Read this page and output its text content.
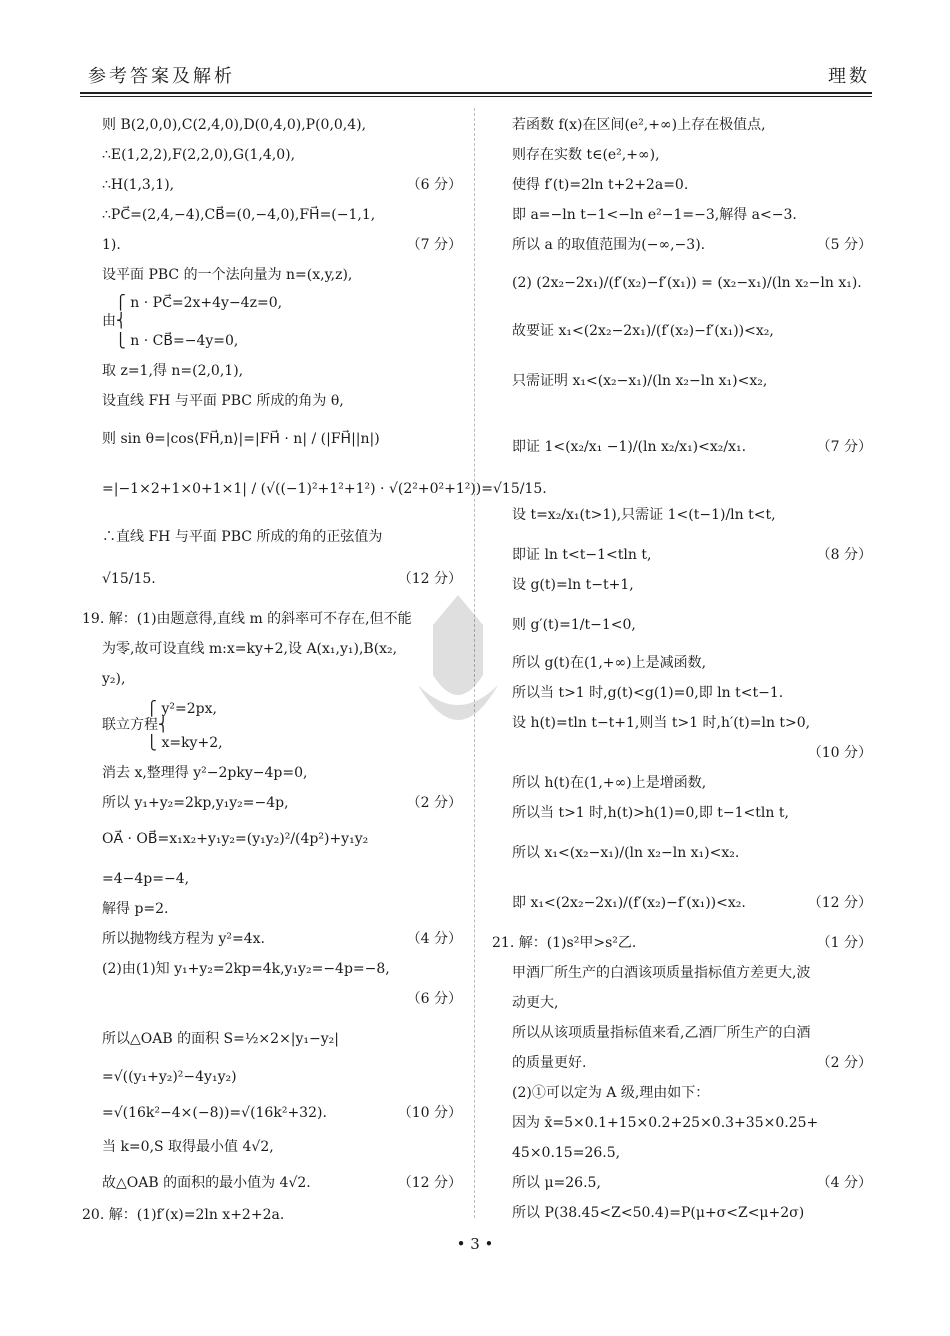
参考答案及解析	理数
则 B(2,0,0),C(2,4,0),D(0,4,0),P(0,0,4),
∴E(1,2,2),F(2,2,0),G(1,4,0),
∴H(1,3,1),	（6 分）
∴PC⃗=(2,4,−4),CB⃗=(0,−4,0),FH⃗=(−1,1,
1).	（7 分）
设平面 PBC 的一个法向量为 n=(x,y,z),
⎧ n · PC⃗=2x+4y−4z=0,
由⎨
⎩ n · CB⃗=−4y=0,
取 z=1,得 n=(2,0,1),
设直线 FH 与平面 PBC 所成的角为 θ,
则 sin θ=|cos⟨FH⃗,n⟩|=|FH⃗ · n| / (|FH⃗||n|)
=|−1×2+1×0+1×1| / (√((−1)²+1²+1²) · √(2²+0²+1²))=√15/15.
∴直线 FH 与平面 PBC 所成的角的正弦值为
√15/15.	（12 分）
19. 解：(1)由题意得,直线 m 的斜率可不存在,但不能
为零,故可设直线 m:x=ky+2,设 A(x₁,y₁),B(x₂,
y₂),
⎧ y²=2px,
联立方程⎨
⎩ x=ky+2,
消去 x,整理得 y²−2pky−4p=0,
所以 y₁+y₂=2kp,y₁y₂=−4p,	（2 分）
OA⃗ · OB⃗=x₁x₂+y₁y₂=(y₁y₂)²/(4p²)+y₁y₂
=4−4p=−4,
解得 p=2.
所以抛物线方程为 y²=4x.	（4 分）
(2)由(1)知 y₁+y₂=2kp=4k,y₁y₂=−4p=−8,
（6 分）
所以△OAB 的面积 S=½×2×|y₁−y₂|
=√((y₁+y₂)²−4y₁y₂)
=√(16k²−4×(−8))=√(16k²+32).	（10 分）
当 k=0,S 取得最小值 4√2,
故△OAB 的面积的最小值为 4√2.	（12 分）
20. 解：(1)f′(x)=2ln x+2+2a.
若函数 f(x)在区间(e²,+∞)上存在极值点,
则存在实数 t∈(e²,+∞),
使得 f′(t)=2ln t+2+2a=0.
即 a=−ln t−1<−ln e²−1=−3,解得 a<−3.
所以 a 的取值范围为(−∞,−3).	（5 分）
(2) (2x₂−2x₁)/(f′(x₂)−f′(x₁)) = (x₂−x₁)/(ln x₂−ln x₁).
故要证 x₁<(2x₂−2x₁)/(f′(x₂)−f′(x₁))<x₂,
只需证明 x₁<(x₂−x₁)/(ln x₂−ln x₁)<x₂,
即证 1<(x₂/x₁ −1)/(ln x₂/x₁)<x₂/x₁.	（7 分）
设 t=x₂/x₁(t>1),只需证 1<(t−1)/ln t<t,
即证 ln t<t−1<tln t,	（8 分）
设 g(t)=ln t−t+1,
则 g′(t)=1/t−1<0,
所以 g(t)在(1,+∞)上是减函数,
所以当 t>1 时,g(t)<g(1)=0,即 ln t<t−1.
设 h(t)=tln t−t+1,则当 t>1 时,h′(t)=ln t>0,
（10 分）
所以 h(t)在(1,+∞)上是增函数,
所以当 t>1 时,h(t)>h(1)=0,即 t−1<tln t,
所以 x₁<(x₂−x₁)/(ln x₂−ln x₁)<x₂.
即 x₁<(2x₂−2x₁)/(f′(x₂)−f′(x₁))<x₂.	（12 分）
21. 解：(1)s²甲>s²乙.	（1 分）
甲酒厂所生产的白酒该项质量指标值方差更大,波
动更大,
所以从该项质量指标值来看,乙酒厂所生产的白酒
的质量更好.	（2 分）
(2)①可以定为 A 级,理由如下：
因为 x̄=5×0.1+15×0.2+25×0.3+35×0.25+
45×0.15=26.5,
所以 μ=26.5,	（4 分）
所以 P(38.45<Z<50.4)=P(μ+σ<Z<μ+2σ)
• 3 •
